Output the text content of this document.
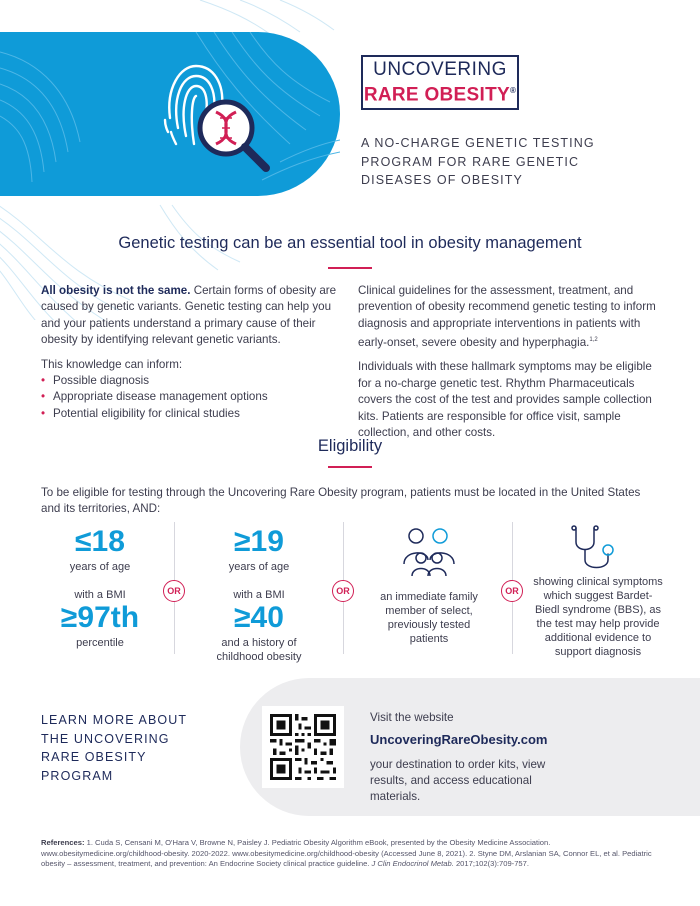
UNCOVERING
RARE OBESITY®
A NO-CHARGE GENETIC TESTING PROGRAM FOR RARE GENETIC DISEASES OF OBESITY
Genetic testing can be an essential tool in obesity management

All obesity is not the same. Certain forms of obesity are caused by genetic variants. Genetic testing can help you and your patients understand a primary cause of their obesity by identifying relevant genetic variants.

This knowledge can inform:

• Possible diagnosis
• Appropriate disease management options
• Potential eligibility for clinical studies

Clinical guidelines for the assessment, treatment, and prevention of obesity recommend genetic testing to inform diagnosis and appropriate interventions in patients with early-onset, severe obesity and hyperphagia.$^{1,2}$

Individuals with these hallmark symptoms may be eligible for a no-charge genetic test. Rhythm Pharmaceuticals covers the cost of the test and provides sample collection kits. Patients are responsible for office visit, sample collection, and other costs.

Eligibility
To be eligible for testing through the Uncovering Rare Obesity program, patients must be located in the United States and its territories, AND:
≤18
years of age
with a BMI
≥97th
percentile
OR
≥19
years of age
with a BMI
≥40
and a history of childhood obesity
OR	an immediate family member of select, previously tested patients
OR
showing clinical symptoms which suggest Bardet-Biedl syndrome (BBS), as the test may help provide additional evidence to support diagnosis
LEARN MORE ABOUT THE UNCOVERING RARE OBESITY PROGRAM
Visit the website
UncoveringRareObesity.com
your destination to order kits, view results, and access educational materials.
References: 1. Cuda S, Censani M, O'Hara V, Browne N, Paisley J. Pediatric Obesity Algorithm eBook, presented by the Obesity Medicine Association. www.obesitymedicine.org/childhood-obesity. 2020-2022. www.obesitymedicine.org/childhood-obesity (Accessed June 8, 2021). 2. Styne DM, Arslanian SA, Connor EL, et al. Pediatric obesity – assessment, treatment, and prevention: An Endocrine Society clinical practice guideline. J Clin Endocrinol Metab. 2017;102(3):709-757.
